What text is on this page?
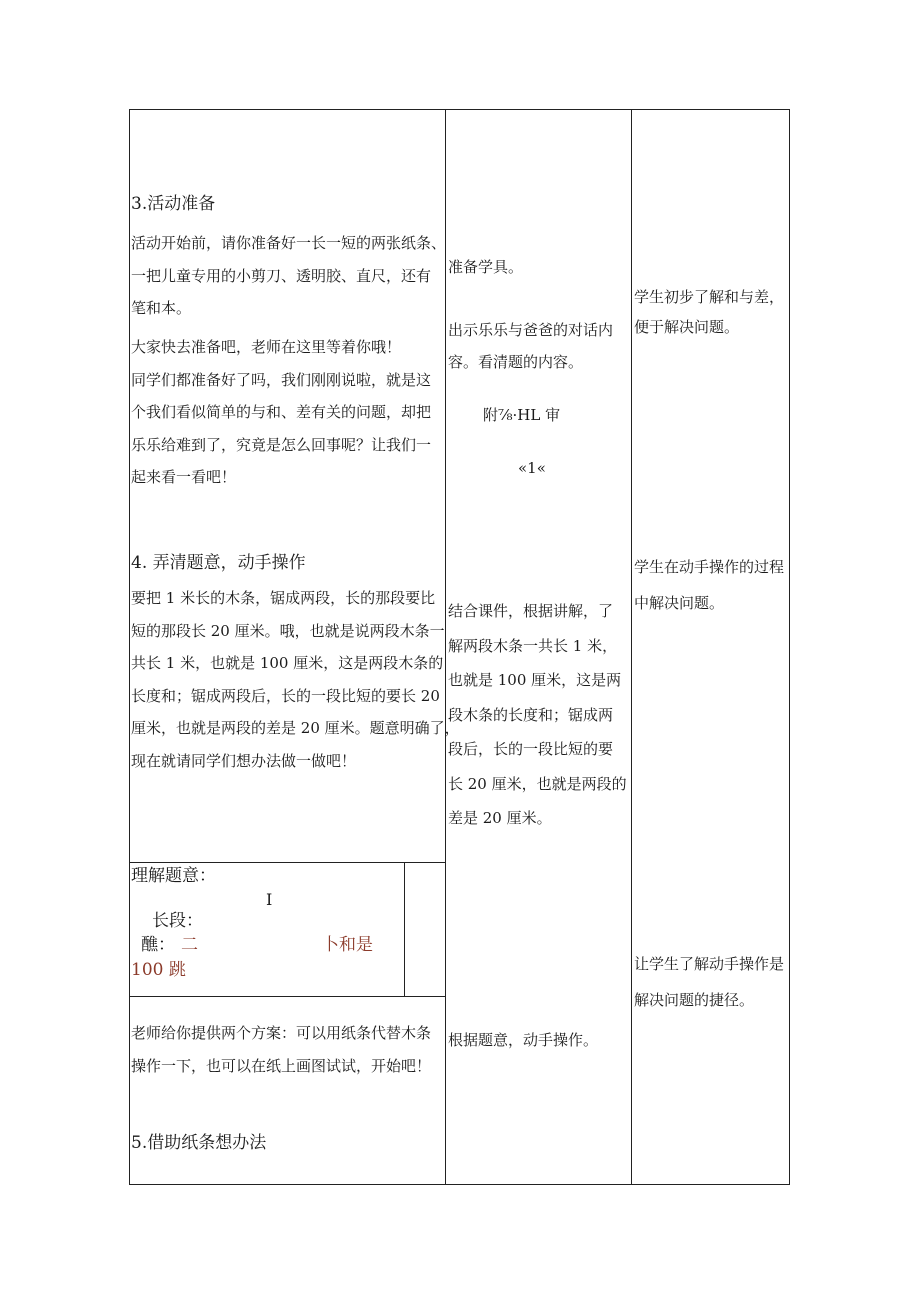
3.活动准备
活动开始前，请你准备好一长一短的两张纸条、
一把儿童专用的小剪刀、透明胶、直尺，还有
笔和本。
大家快去准备吧，老师在这里等着你哦！
同学们都准备好了吗，我们刚刚说啦，就是这
个我们看似简单的与和、差有关的问题，却把
乐乐给难到了，究竟是怎么回事呢？让我们一
起来看一看吧！
4. 弄清题意，动手操作
要把 1 米长的木条，锯成两段，长的那段要比
短的那段长 20 厘米。哦，也就是说两段木条一
共长 1 米，也就是 100 厘米，这是两段木条的
长度和；锯成两段后，长的一段比短的要长 20
厘米，也就是两段的差是 20 厘米。题意明确了，
现在就请同学们想办法做一做吧！
理解题意：
I
长段：
醮： 二	卜和是
100 跳
老师给你提供两个方案：可以用纸条代替木条
操作一下，也可以在纸上画图试试，开始吧！
5.借助纸条想办法
准备学具。
出示乐乐与爸爸的对话内
容。看清题的内容。
附⅞·HL 审
«1«
结合课件，根据讲解，了
解两段木条一共长 1 米，
也就是 100 厘米，这是两
段木条的长度和；锯成两
段后，长的一段比短的要
长 20 厘米，也就是两段的
差是 20 厘米。
根据题意，动手操作。
学生初步了解和与差，
便于解决问题。
学生在动手操作的过程
中解决问题。
让学生了解动手操作是
解决问题的捷径。
